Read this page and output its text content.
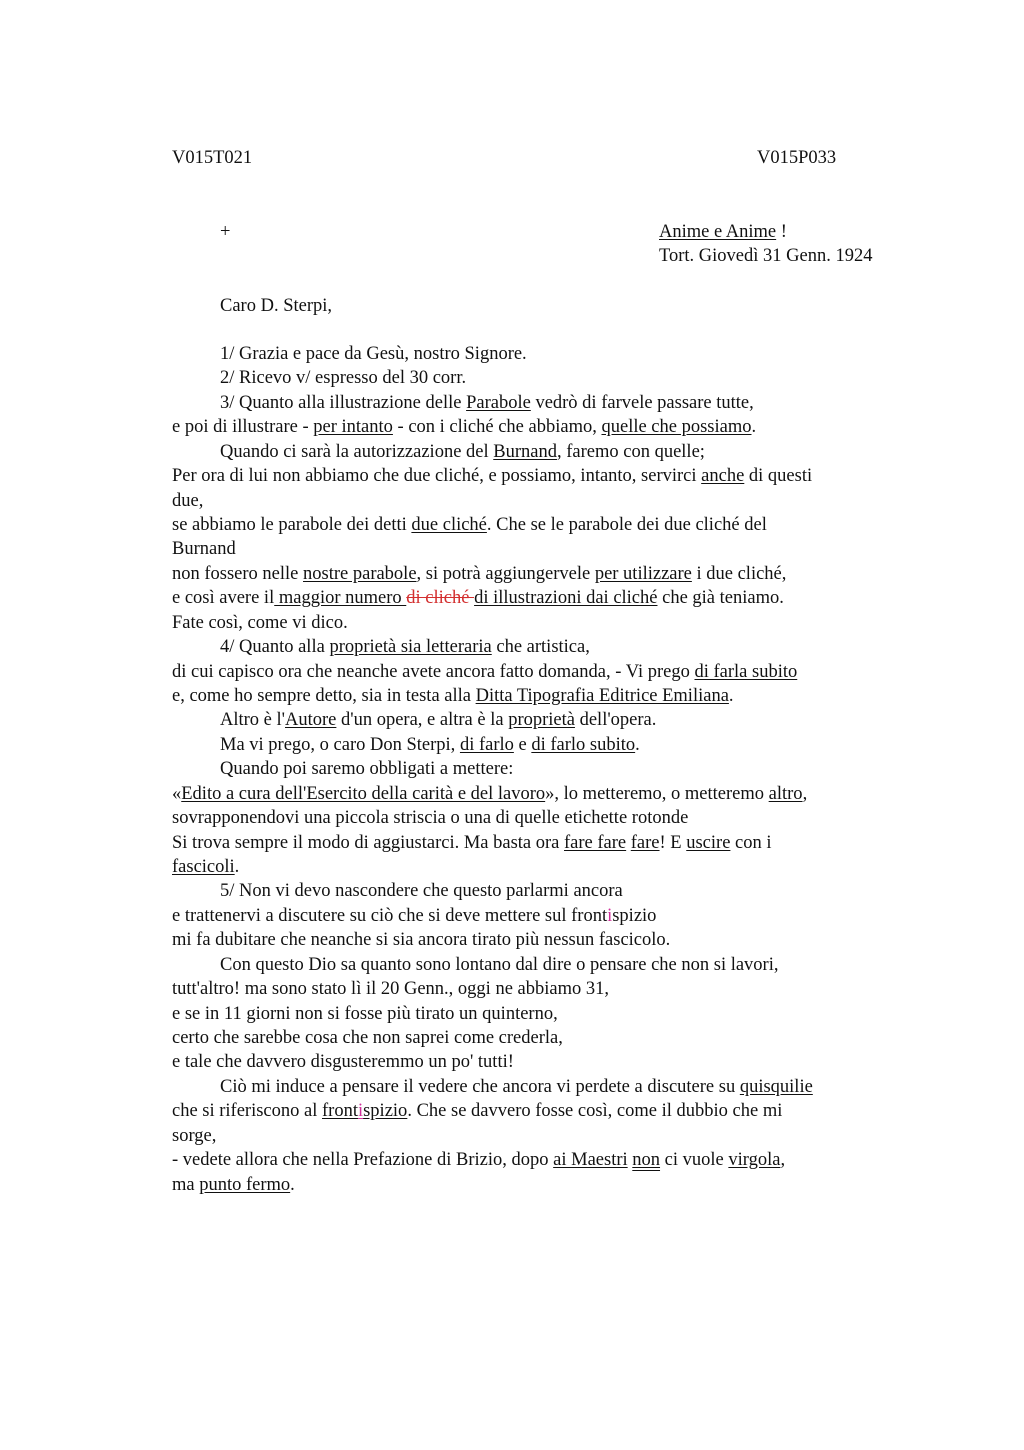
V015T021	V015P033
+	Anime e Anime !
Tort. Giovedì 31 Genn. 1924
Caro D. Sterpi,
1/ Grazia e pace da Gesù, nostro Signore.
2/ Ricevo v/ espresso del 30 corr.
3/ Quanto alla illustrazione delle Parabole vedrò di farvele passare tutte,
e poi di illustrare - per intanto - con i cliché che abbiamo, quelle che possiamo.
Quando ci sarà la autorizzazione del Burnand, faremo con quelle;
Per ora di lui non abbiamo che due cliché, e possiamo, intanto, servirci anche di questi
due,
se abbiamo le parabole dei detti due cliché. Che se le parabole dei due cliché del
Burnand
non fossero nelle nostre parabole, si potrà aggiungervele per utilizzare i due cliché,
e così avere il maggior numero di cliché di illustrazioni dai cliché che già teniamo.
Fate così, come vi dico.
4/ Quanto alla proprietà sia letteraria che artistica,
di cui capisco ora che neanche avete ancora fatto domanda, - Vi prego di farla subito
e, come ho sempre detto, sia in testa alla Ditta Tipografia Editrice Emiliana.
Altro è l'Autore d'un opera, e altra è la proprietà dell'opera.
Ma vi prego, o caro Don Sterpi, di farlo e di farlo subito.
Quando poi saremo obbligati a mettere:
«Edito a cura dell'Esercito della carità e del lavoro», lo metteremo, o metteremo altro,
sovrapponendovi una piccola striscia o una di quelle etichette rotonde
Si trova sempre il modo di aggiustarci. Ma basta ora fare fare fare! E uscire con i
fascicoli.
5/ Non vi devo nascondere che questo parlarmi ancora
e trattenervi a discutere su ciò che si deve mettere sul frontispizio
mi fa dubitare che neanche si sia ancora tirato più nessun fascicolo.
Con questo Dio sa quanto sono lontano dal dire o pensare che non si lavori,
tutt'altro! ma sono stato lì il 20 Genn., oggi ne abbiamo 31,
e se in 11 giorni non si fosse più tirato un quinterno,
certo che sarebbe cosa che non saprei come crederla,
e tale che davvero disgusteremmo un po' tutti!
Ciò mi induce a pensare il vedere che ancora vi perdete a discutere su quisquilie
che si riferiscono al frontispizio. Che se davvero fosse così, come il dubbio che mi
sorge,
- vedete allora che nella Prefazione di Brizio, dopo ai Maestri non ci vuole virgola,
ma punto fermo.
